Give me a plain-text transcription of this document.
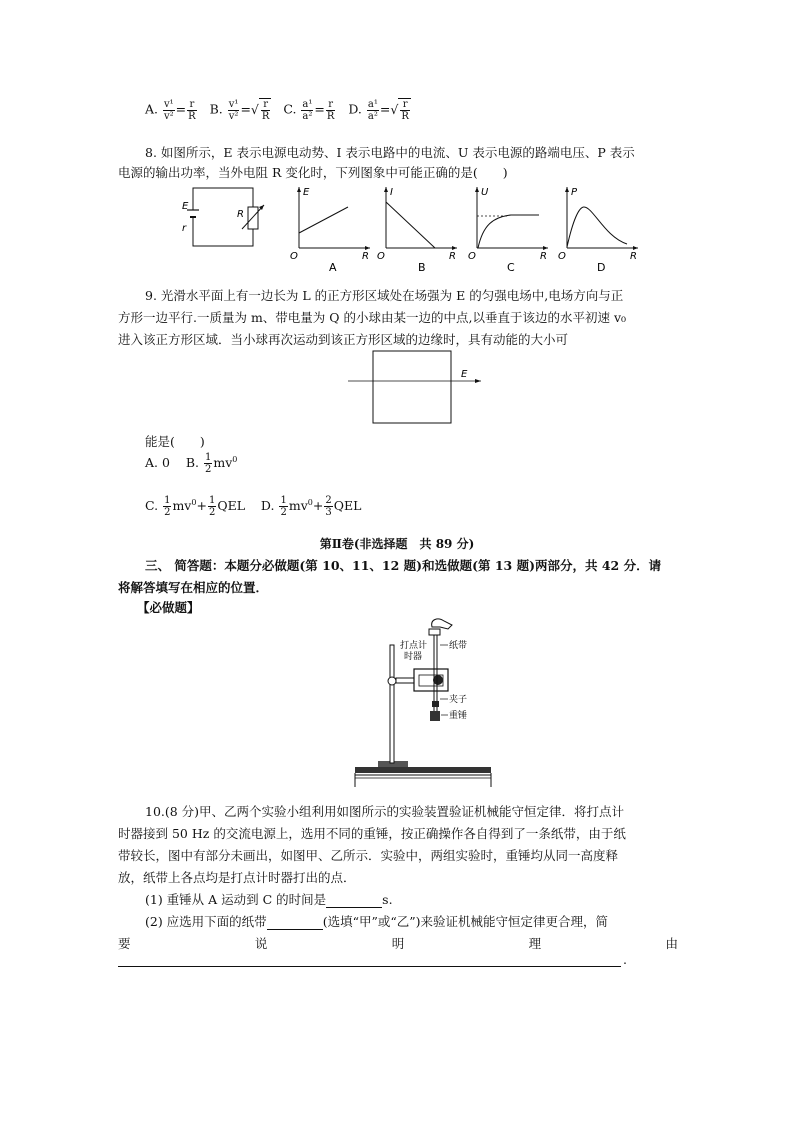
A. $\frac{\text{v¹}}{\text{v²}} = \frac{r}{R} B$. $\frac{\text{v¹}}{\text{v²}}$ =√ $\frac{r}{R} C$. $\frac{\text{a¹}}{\text{a²}} = \frac{r}{R} D$. $\frac{\text{a¹}}{\text{a²}}$ =√ $\frac{r}{R}$
8. 如图所示，E 表示电源电动势、I 表示电路中的电流、U 表示电源的路端电压、P 表示
电源的输出功率，当外电阻 R 变化时，下列图象中可能正确的是(　　)
E
r
R
E
O	R
A
I
O	R
B
U
O	R
C
P
O	R
D
9. 光滑水平面上有一边长为 L 的正方形区域处在场强为 E 的匀强电场中,电场方向与正
方形一边平行.一质量为 m、带电量为 Q 的小球由某一边的中点,以垂直于该边的水平初速 v₀
进入该正方形区域．当小球再次运动到该正方形区域的边缘时，具有动能的大小可
E
能是(　　)
A. 0 B. $\frac{1}{2} mv^0$
C. $\frac{1}{2} mv^0+ \frac{1}{2}$ QEL D. $\frac{1}{2} mv^0+ \frac{2}{3}$ QEL
第Ⅱ卷(非选择题　共 89 分)
三、 简答题：本题分必做题(第 10、11、12 题)和选做题(第 13 题)两部分，共 42 分．请
将解答填写在相应的位置．
【必做题】
打点计
时器
纸带
夹子
重锤
10.(8 分)甲、乙两个实验小组利用如图所示的实验装置验证机械能守恒定律．将打点计
时器接到 50 Hz 的交流电源上，选用不同的重锤，按正确操作各自得到了一条纸带，由于纸
带较长，图中有部分未画出，如图甲、乙所示．实验中，两组实验时，重锤均从同一高度释
放，纸带上各点均是打点计时器打出的点．
(1) 重锤从 A 运动到 C 的时间是	s.
(2) 应选用下面的纸带	(选填“甲”或“乙”)来验证机械能守恒定律更合理，简
要	说	明	理	由
.
